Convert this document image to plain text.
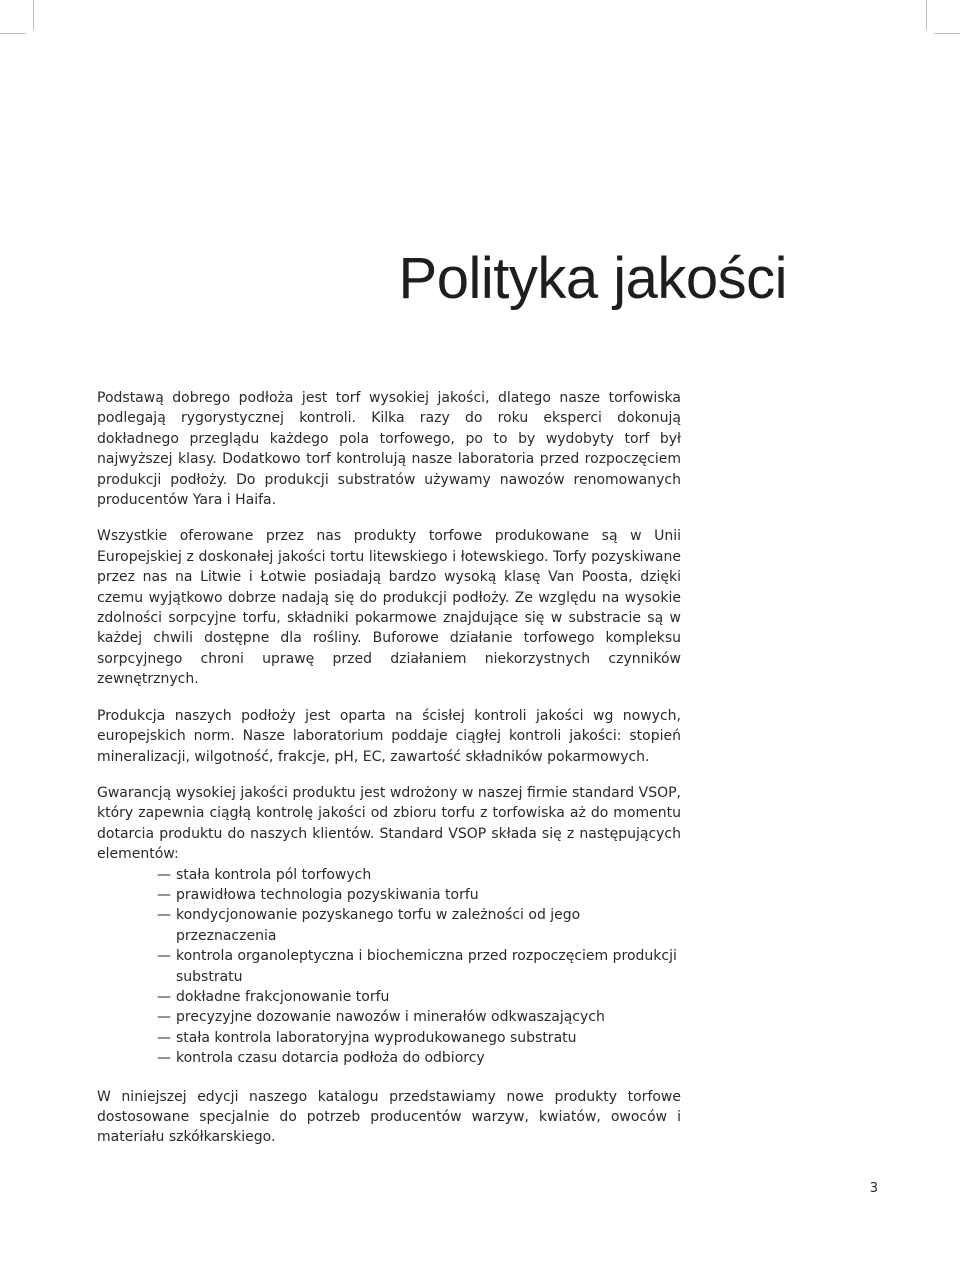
Polityka jakości

Podstawą dobrego podłoża jest torf wysokiej jakości, dlatego nasze torfowiska podlegają rygorystycznej kontroli. Kilka razy do roku eksperci dokonują dokładnego przeglądu każdego pola torfowego, po to by wydobyty torf był najwyższej klasy. Dodatkowo torf kontrolują nasze laboratoria przed rozpoczęciem produkcji podłoży. Do produkcji substratów używamy nawozów renomowanych producentów Yara i Haifa.

Wszystkie oferowane przez nas produkty torfowe produkowane są w Unii Europejskiej z doskonałej jakości tortu litewskiego i łotewskiego. Torfy pozyskiwane przez nas na Litwie i Łotwie posiadają bardzo wysoką klasę Van Poosta, dzięki czemu wyjątkowo dobrze nadają się do produkcji podłoży. Ze względu na wysokie zdolności sorpcyjne torfu, składniki pokarmowe znajdujące się w substracie są w każdej chwili dostępne dla rośliny. Buforowe działanie torfowego kompleksu sorpcyjnego chroni uprawę przed działaniem niekorzystnych czynników zewnętrznych.

Produkcja naszych podłoży jest oparta na ścisłej kontroli jakości wg nowych, europejskich norm. Nasze laboratorium poddaje ciągłej kontroli jakości: stopień mineralizacji, wilgotność, frakcje, pH, EC, zawartość składników pokarmowych.

Gwarancją wysokiej jakości produktu jest wdrożony w naszej firmie standard VSOP, który zapewnia ciągłą kontrolę jakości od zbioru torfu z torfowiska aż do momentu dotarcia produktu do naszych klientów. Standard VSOP składa się z następujących elementów:

— stała kontrola pól torfowych
— prawidłowa technologia pozyskiwania torfu
— kondycjonowanie pozyskanego torfu w zależności od jego przeznaczenia
— kontrola organoleptyczna i biochemiczna przed rozpoczęciem produkcji substratu
— dokładne frakcjonowanie torfu
— precyzyjne dozowanie nawozów i minerałów odkwaszających
— stała kontrola laboratoryjna wyprodukowanego substratu
— kontrola czasu dotarcia podłoża do odbiorcy

W niniejszej edycji naszego katalogu przedstawiamy nowe produkty torfowe dostosowane specjalnie do potrzeb producentów warzyw, kwiatów, owoców i materiału szkółkarskiego.

3
